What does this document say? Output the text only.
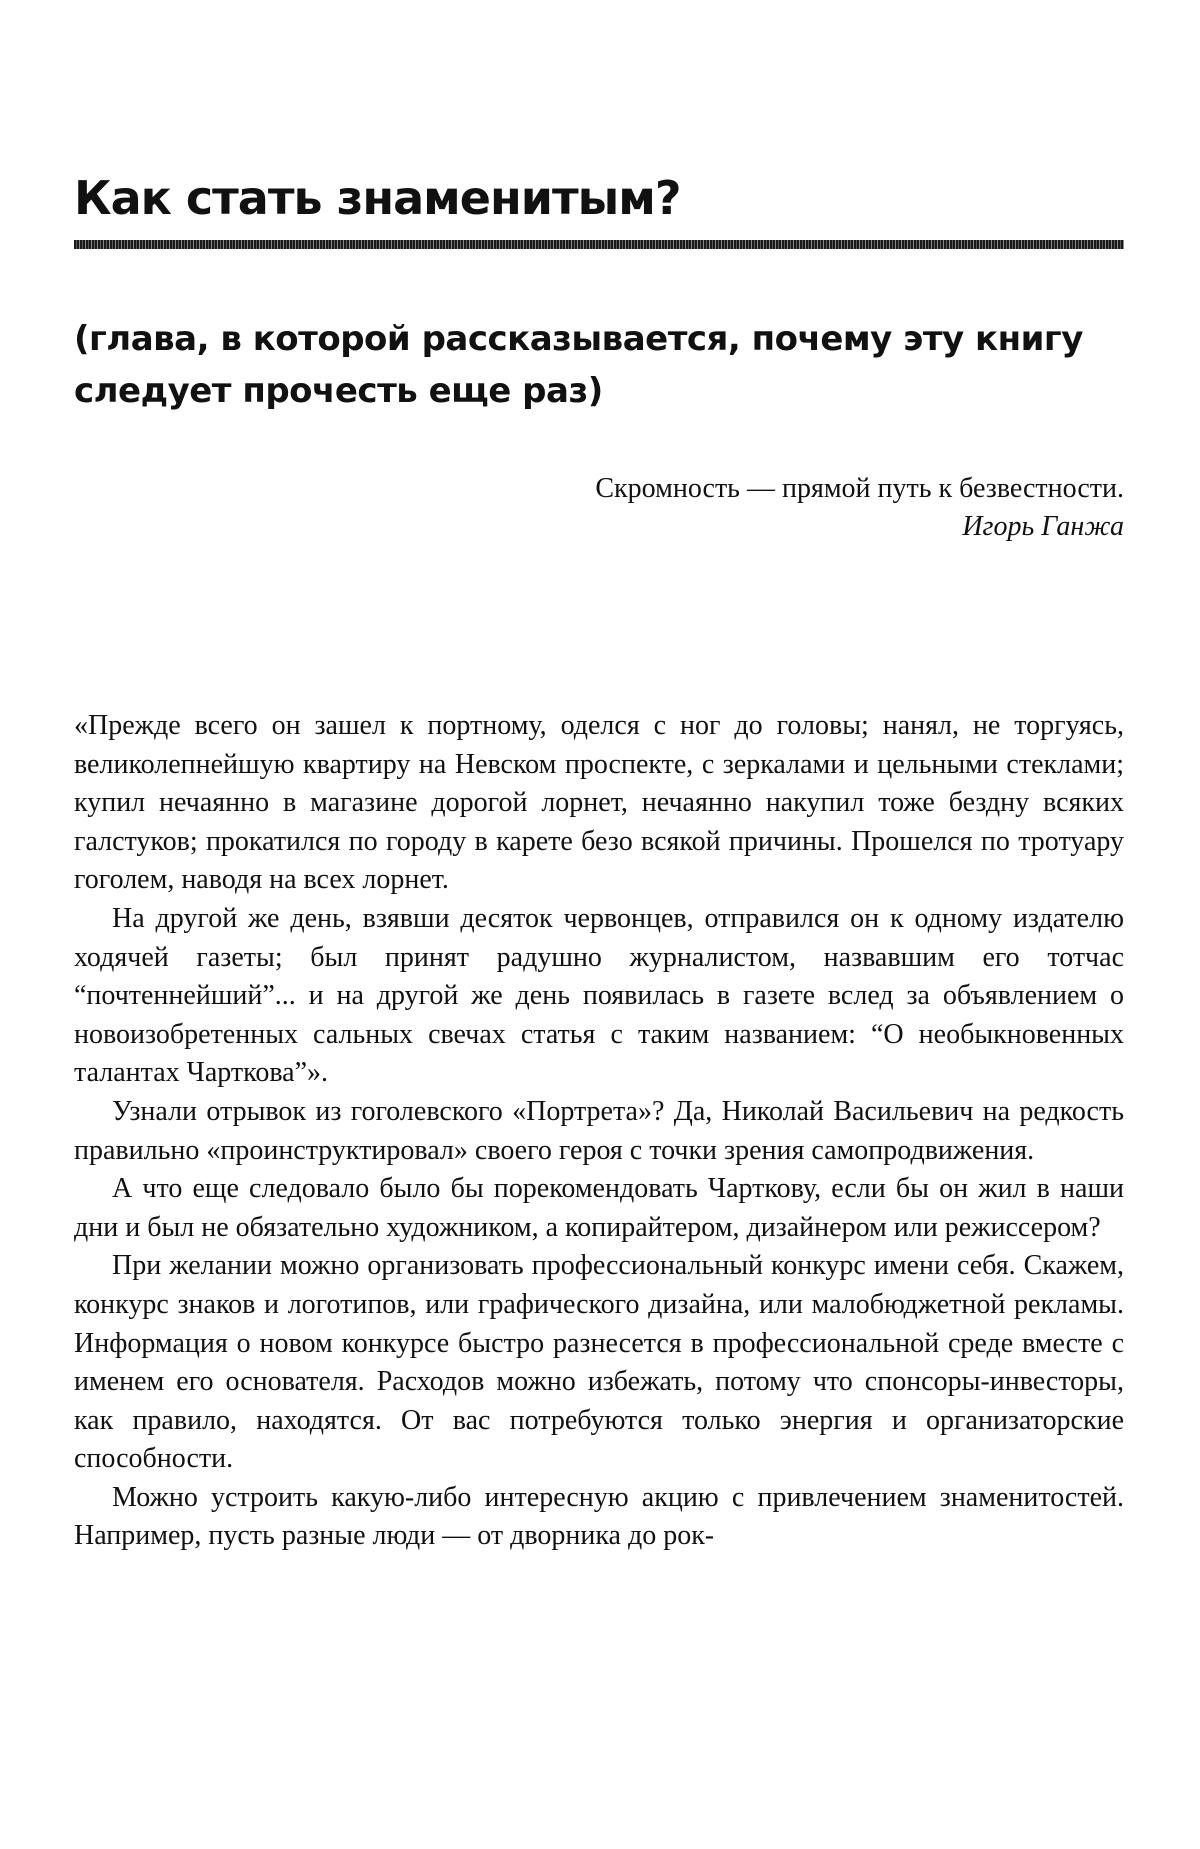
Как стать знаменитым?
(глава, в которой рассказывается, почему эту книгу следует прочесть еще раз)
Скромность — прямой путь к безвестности.
Игорь Ганжа

«Прежде всего он зашел к портному, оделся с ног до головы; нанял, не торгуясь, великолепнейшую квартиру на Невском проспекте, с зеркалами и цельными стеклами; купил нечаянно в магазине дорогой лорнет, нечаянно накупил тоже бездну всяких галстуков; прокатился по городу в карете безо всякой причины. Прошелся по тротуару гоголем, наводя на всех лорнет.

На другой же день, взявши десяток червонцев, отправился он к одному издателю ходячей газеты; был принят радушно журналистом, назвавшим его тотчас “почтеннейший”... и на другой же день появилась в газете вслед за объявлением о новоизобретенных сальных свечах статья с таким названием: “О необыкновенных талантах Чарткова”».

Узнали отрывок из гоголевского «Портрета»? Да, Николай Васильевич на редкость правильно «проинструктировал» своего героя с точки зрения самопродвижения.

А что еще следовало было бы порекомендовать Чарткову, если бы он жил в наши дни и был не обязательно художником, а копирайтером, дизайнером или режиссером?

При желании можно организовать профессиональный конкурс имени себя. Скажем, конкурс знаков и логотипов, или графического дизайна, или малобюджетной рекламы. Информация о новом конкурсе быстро разнесется в профессиональной среде вместе с именем его основателя. Расходов можно избежать, потому что спонсоры-инвесторы, как правило, находятся. От вас потребуются только энергия и организаторские способности.

Можно устроить какую-либо интересную акцию с привлечением знаменитостей. Например, пусть разные люди — от дворника до рок-
